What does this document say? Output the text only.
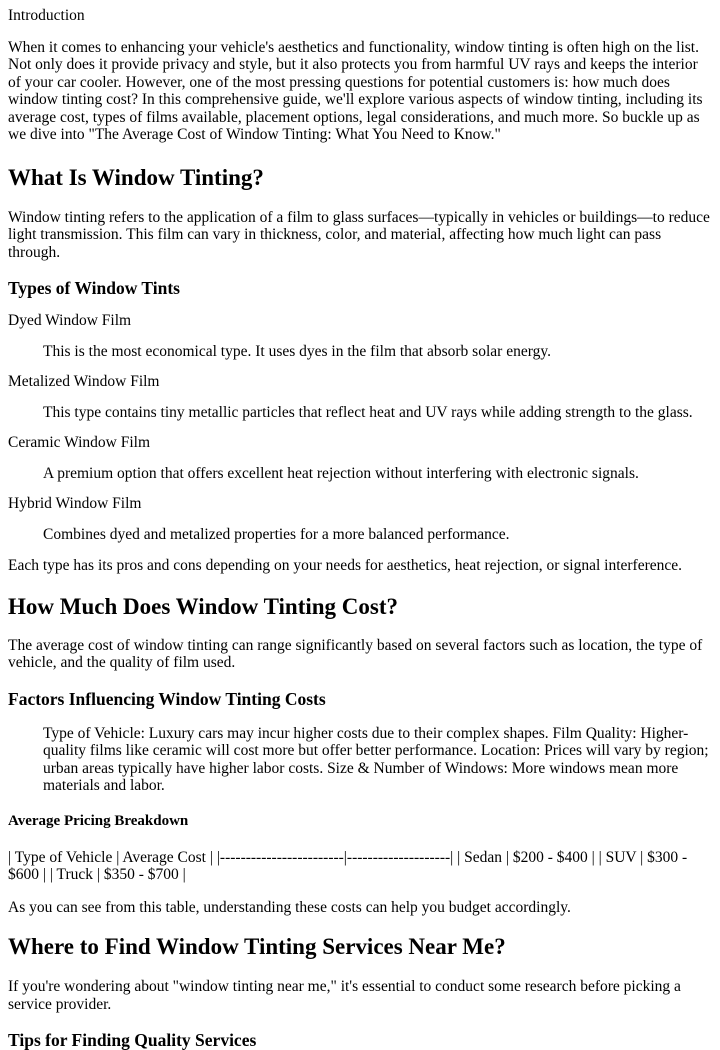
Introduction

When it comes to enhancing your vehicle's aesthetics and functionality, window tinting is often high on the list. Not only does it provide privacy and style, but it also protects you from harmful UV rays and keeps the interior of your car cooler. However, one of the most pressing questions for potential customers is: how much does window tinting cost? In this comprehensive guide, we'll explore various aspects of window tinting, including its average cost, types of films available, placement options, legal considerations, and much more. So buckle up as we dive into "The Average Cost of Window Tinting: What You Need to Know."

What Is Window Tinting?

Window tinting refers to the application of a film to glass surfaces—typically in vehicles or buildings—to reduce light transmission. This film can vary in thickness, color, and material, affecting how much light can pass through.

Types of Window Tints
Dyed Window Film
This is the most economical type. It uses dyes in the film that absorb solar energy.
Metalized Window Film
This type contains tiny metallic particles that reflect heat and UV rays while adding strength to the glass.
Ceramic Window Film
A premium option that offers excellent heat rejection without interfering with electronic signals.
Hybrid Window Film
Combines dyed and metalized properties for a more balanced performance.

Each type has its pros and cons depending on your needs for aesthetics, heat rejection, or signal interference.

How Much Does Window Tinting Cost?

The average cost of window tinting can range significantly based on several factors such as location, the type of vehicle, and the quality of film used.

Factors Influencing Window Tinting Costs
Type of Vehicle: Luxury cars may incur higher costs due to their complex shapes. Film Quality: Higher-quality films like ceramic will cost more but offer better performance. Location: Prices will vary by region; urban areas typically have higher labor costs. Size & Number of Windows: More windows mean more materials and labor.
Average Pricing Breakdown

| Type of Vehicle | Average Cost | |------------------------|--------------------| | Sedan | $200 - $400 | | SUV | $300 - $600 | | Truck | $350 - $700 |

As you can see from this table, understanding these costs can help you budget accordingly.

Where to Find Window Tinting Services Near Me?

If you're wondering about "window tinting near me," it's essential to conduct some research before picking a service provider.

Tips for Finding Quality Services
